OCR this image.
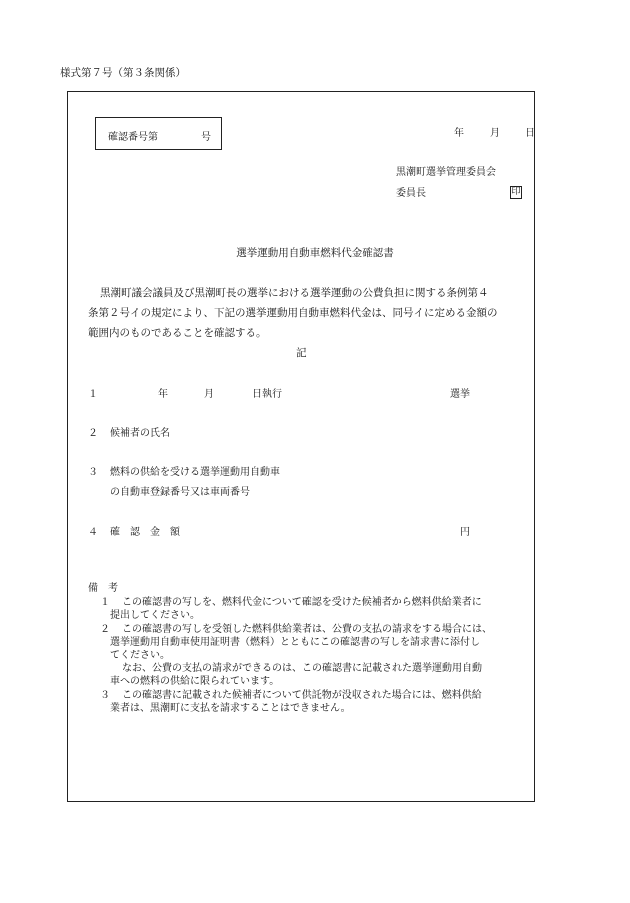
様式第７号（第３条関係）
確認番号第	号	年	月	日
黒潮町選挙管理委員会
委員長	印
選挙運動用自動車燃料代金確認書
黒潮町議会議員及び黒潮町長の選挙における選挙運動の公費負担に関する条例第４
条第２号イの規定により、下記の選挙運動用自動車燃料代金は、同号イに定める金額の
範囲内のものであることを確認する。
記
１	年	月	日執行	選挙
２ 候補者の氏名
３ 燃料の供給を受ける選挙運動用自動車
の自動車登録番号又は車両番号
４ 確　認　金　額	円
備　考
１ この確認書の写しを、燃料代金について確認を受けた候補者から燃料供給業者に
提出してください。
２ この確認書の写しを受領した燃料供給業者は、公費の支払の請求をする場合には、
選挙運動用自動車使用証明書（燃料）とともにこの確認書の写しを請求書に添付し
てください。
なお、公費の支払の請求ができるのは、この確認書に記載された選挙運動用自動
車への燃料の供給に限られています。
３ この確認書に記載された候補者について供託物が没収された場合には、燃料供給
業者は、黒潮町に支払を請求することはできません。
